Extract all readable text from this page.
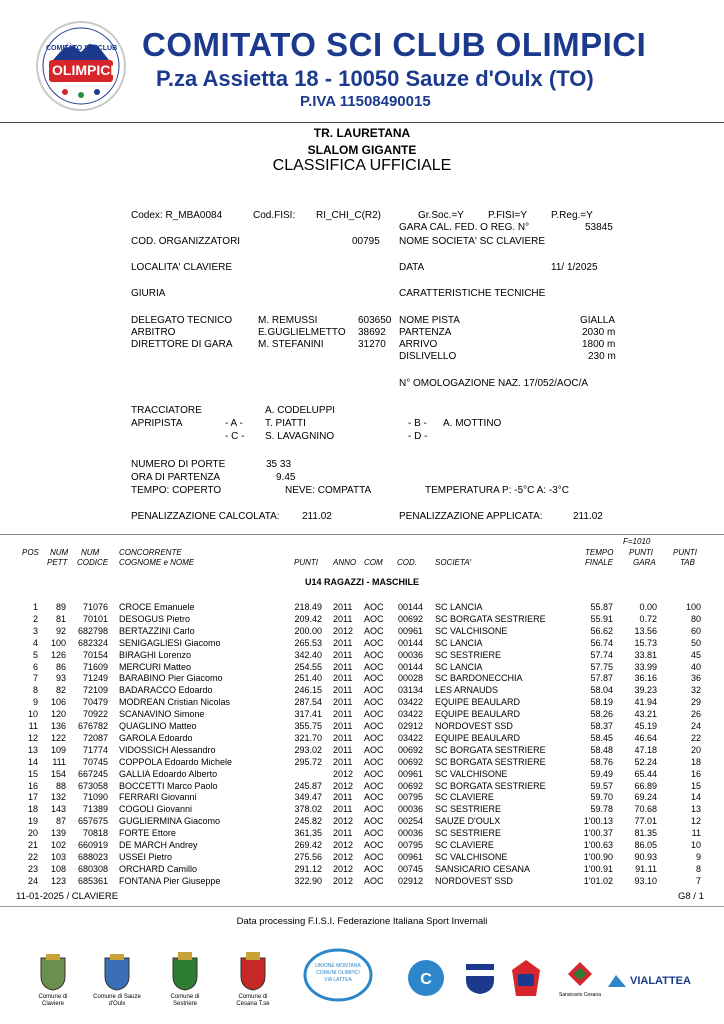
COMITATO SCI CLUB
OLIMPICI
COMITATO SCI CLUB OLIMPICI
P.za Assietta 18 - 10050 Sauze d'Oulx (TO)
P.IVA 11508490015
TR. LAURETANA
SLALOM GIGANTE
CLASSIFICA UFFICIALE
Codex: R_MBA0084	Cod.FISI: RI_CHI_C(R2)	Gr.Soc.=Y P.FISI=Y P.Reg.=Y
GARA CAL. FED. O REG. N°	53845
COD. ORGANIZZATORI	00795 NOME SOCIETA' SC CLAVIERE
LOCALITA' CLAVIERE	DATA	11/ 1/2025
GIURIA	CARATTERISTICHE TECNICHE
DELEGATO TECNICO	M. REMUSSI	603650
ARBITRO	E.GUGLIELMETTO 38692
DIRETTORE DI GARA	M. STEFANINI	31270
NOME PISTA	GIALLA
PARTENZA	2030 m
ARRIVO	1800 m
DISLIVELLO	230 m
N° OMOLOGAZIONE NAZ. 17/052/AOC/A
TRACCIATORE	A. CODELUPPI
APRIPISTA	- A - T. PIATTI	- B - A. MOTTINO
- C - S. LAVAGNINO	- D -
NUMERO DI PORTE	35 33
ORA DI PARTENZA	9.45
TEMPO: COPERTO	NEVE: COMPATTA	TEMPERATURA P: -5°C A: -3°C
PENALIZZAZIONE CALCOLATA: 211.02	PENALIZZAZIONE APPLICATA:	211.02
F=1010
POS NUM
PETT
NUM
CODICE
CONCORRENTE
COGNOME e NOME	PUNTI ANNO COM COD. SOCIETA'
TEMPO
FINALE
PUNTI
GARA
PUNTI
TAB
U14 RAGAZZI - MASCHILE
1	89	71076 CROCE Emanuele	218.49 2011 AOC 00144 SC LANCIA	55.87	0.00	100
2	81	70101 DESOGUS Pietro	209.42 2011 AOC 00692 SC BORGATA SESTRIERE	55.91	0.72	80
3	92	682798 BERTAZZINI Carlo	200.00 2012 AOC 00961 SC VALCHISONE	56.62	13.56	60
4	100	682324 SENIGAGLIESI Giacomo	265.53 2011 AOC 00144 SC LANCIA	56.74	15.73	50
5	126	70154 BIRAGHI Lorenzo	342.40 2011 AOC 00036 SC SESTRIERE	57.74	33.81	45
6	86	71609 MERCURI Matteo	254.55 2011 AOC 00144 SC LANCIA	57.75	33.99	40
7	93	71249 BARABINO Pier Giacomo	251.40 2011 AOC 00028 SC BARDONECCHIA	57.87	36.16	36
8	82	72109 BADARACCO Edoardo	246.15 2011 AOC 03134 LES ARNAUDS	58.04	39.23	32
9	106	70479 MODREAN Cristian Nicolas	287.54 2011 AOC 03422 EQUIPE BEAULARD	58.19	41.94	29
10	120	70922 SCANAVINO Simone	317.41 2011 AOC 03422 EQUIPE BEAULARD	58.26	43.21	26
11	136	676782 QUAGLINO Matteo	355.75 2011 AOC 02912 NORDOVEST SSD	58.37	45.19	24
12	122	72087 GAROLA Edoardo	321.70 2011 AOC 03422 EQUIPE BEAULARD	58.45	46.64	22
13	109	71774 VIDOSSICH Alessandro	293.02 2011 AOC 00692 SC BORGATA SESTRIERE	58.48	47.18	20
14	111	70745 COPPOLA Edoardo Michele	295.72 2011 AOC 00692 SC BORGATA SESTRIERE	58.76	52.24	18
15	154	667245 GALLIA Edoardo Alberto	2012 AOC 00961 SC VALCHISONE	59.49	65.44	16
16	88	673058 BOCCETTI Marco Paolo	245.87 2012 AOC 00692 SC BORGATA SESTRIERE	59.57	66.89	15
17	132	71090 FERRARI Giovanni	349.47 2011 AOC 00795 SC CLAVIERE	59.70	69.24	14
18	143	71389 COGOLI Giovanni	378.02 2011 AOC 00036 SC SESTRIERE	59.78	70.68	13
19	87	657675 GUGLIERMINA Giacomo	245.82 2012 AOC 00254 SAUZE D'OULX	1'00.13	77.01	12
20	139	70818 FORTE Ettore	361.35 2011 AOC 00036 SC SESTRIERE	1'00.37	81.35	11
21	102	660919 DE MARCH Andrey	269.42 2012 AOC 00795 SC CLAVIERE	1'00.63	86.05	10
22	103	688023 USSEI Pietro	275.56 2012 AOC 00961 SC VALCHISONE	1'00.90	90.93	9
23	108	680308 ORCHARD Camillo	291.12 2012 AOC 00745 SANSICARIO CESANA	1'00.91	91.11	8
24	123	685361 FONTANA Pier Giuseppe	322.90 2012 AOC 02912 NORDOVEST SSD	1'01.02	93.10	7
11-01-2025 / CLAVIERE	G8 / 1
Data processing F.I.S.I. Federazione Italiana Sport Invernali
Comune di Claviere
Comune di Sauze d'Oulx
Comune di Sestriere
Comune di Cesana T.se
UNIONE MONTANA COMUNI OLIMPICI VIA LATTEA	C
Sansicario Cesana
VIALATTEA
